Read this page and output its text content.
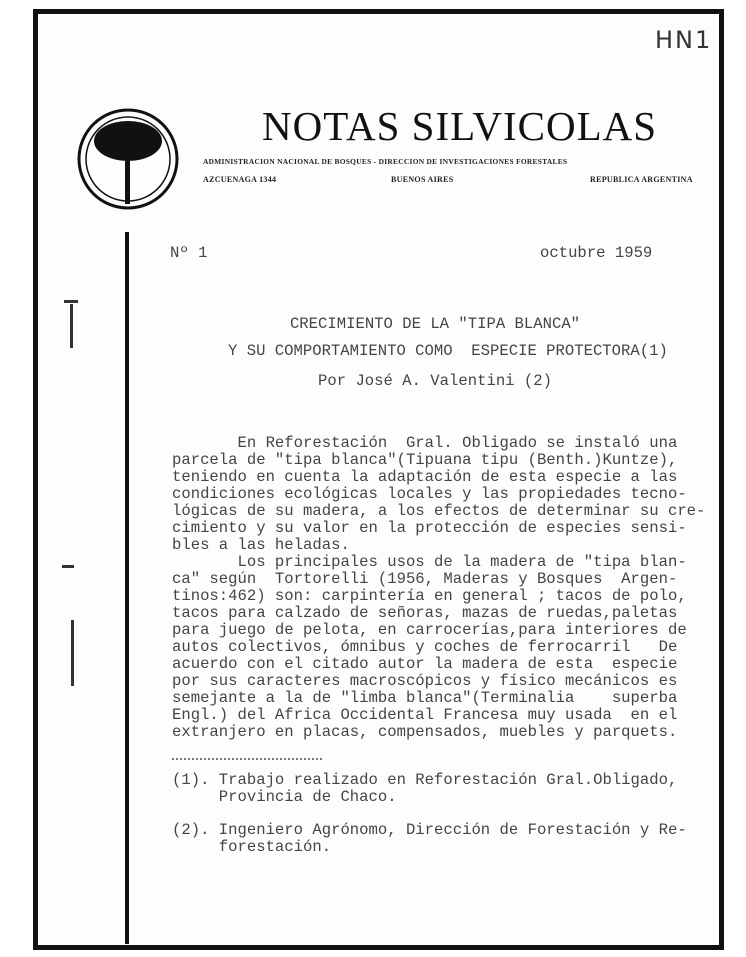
HN1
NOTAS SILVICOLAS
ADMINISTRACION NACIONAL DE BOSQUES - DIRECCION DE INVESTIGACIONES FORESTALES
AZCUENAGA 1344	BUENOS AIRES	REPUBLICA ARGENTINA
Nº 1	octubre 1959
CRECIMIENTO DE LA "TIPA BLANCA"
Y SU COMPORTAMIENTO COMO  ESPECIE PROTECTORA(1)
Por José A. Valentini (2)
En Reforestación  Gral. Obligado se instaló una
parcela de "tipa blanca"(Tipuana tipu (Benth.)Kuntze),
teniendo en cuenta la adaptación de esta especie a las
condiciones ecológicas locales y las propiedades tecno-
lógicas de su madera, a los efectos de determinar su cre-
cimiento y su valor en la protección de especies sensi-
bles a las heladas.
Los principales usos de la madera de "tipa blan-
ca" según  Tortorelli (1956, Maderas y Bosques  Argen-
tinos:462) son: carpintería en general ; tacos de polo,
tacos para calzado de señoras, mazas de ruedas,paletas
para juego de pelota, en carrocerías,para interiores de
autos colectivos, ómnibus y coches de ferrocarril   De
acuerdo con el citado autor la madera de esta  especie
por sus caracteres macroscópicos y físico mecánicos es
semejante a la de "limba blanca"(Terminalia    superba
Engl.) del Africa Occidental Francesa muy usada  en el
extranjero en placas, compensados, muebles y parquets.
(1). Trabajo realizado en Reforestación Gral.Obligado,
Provincia de Chaco.
(2). Ingeniero Agrónomo, Dirección de Forestación y Re-
forestación.
